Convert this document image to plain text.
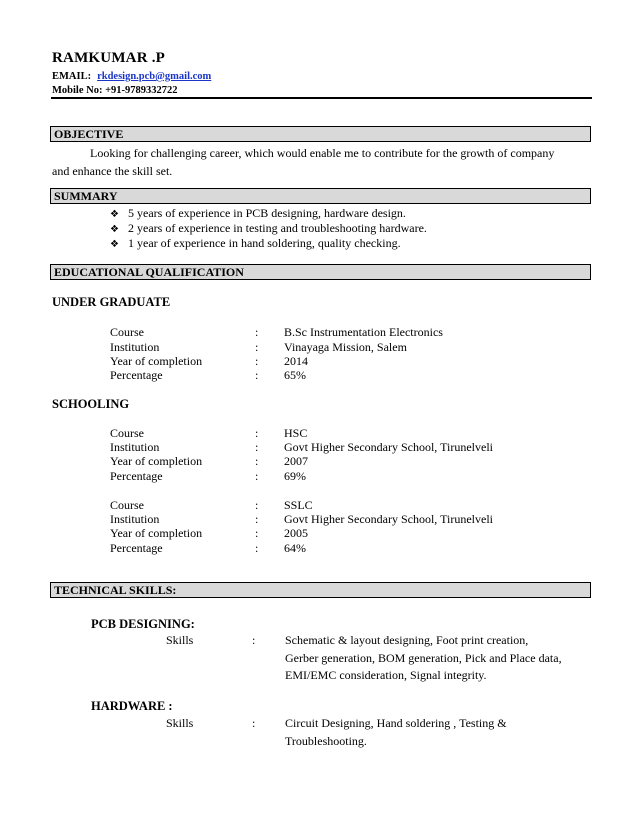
RAMKUMAR .P
EMAIL: rkdesign.pcb@gmail.com
Mobile No: +91-9789332722
OBJECTIVE
Looking for challenging career, which would enable me to contribute for the growth of company
and enhance the skill set.
SUMMARY
❖ 5 years of experience in PCB designing, hardware design.
❖ 2 years of experience in testing and troubleshooting hardware.
❖ 1 year of experience in hand soldering, quality checking.
EDUCATIONAL QUALIFICATION
UNDER GRADUATE
Course	: B.Sc Instrumentation Electronics
Institution	: Vinayaga Mission, Salem
Year of completion	: 2014
Percentage	: 65%
SCHOOLING
Course	: HSC
Institution	: Govt Higher Secondary School, Tirunelveli
Year of completion	: 2007
Percentage	: 69%
Course	: SSLC
Institution	: Govt Higher Secondary School, Tirunelveli
Year of completion	: 2005
Percentage	: 64%
TECHNICAL SKILLS:
PCB DESIGNING:
Skills	: Schematic & layout designing, Foot print creation,
Gerber generation, BOM generation, Pick and Place data,
EMI/EMC consideration, Signal integrity.
HARDWARE :
Skills	: Circuit Designing, Hand soldering , Testing &
Troubleshooting.
